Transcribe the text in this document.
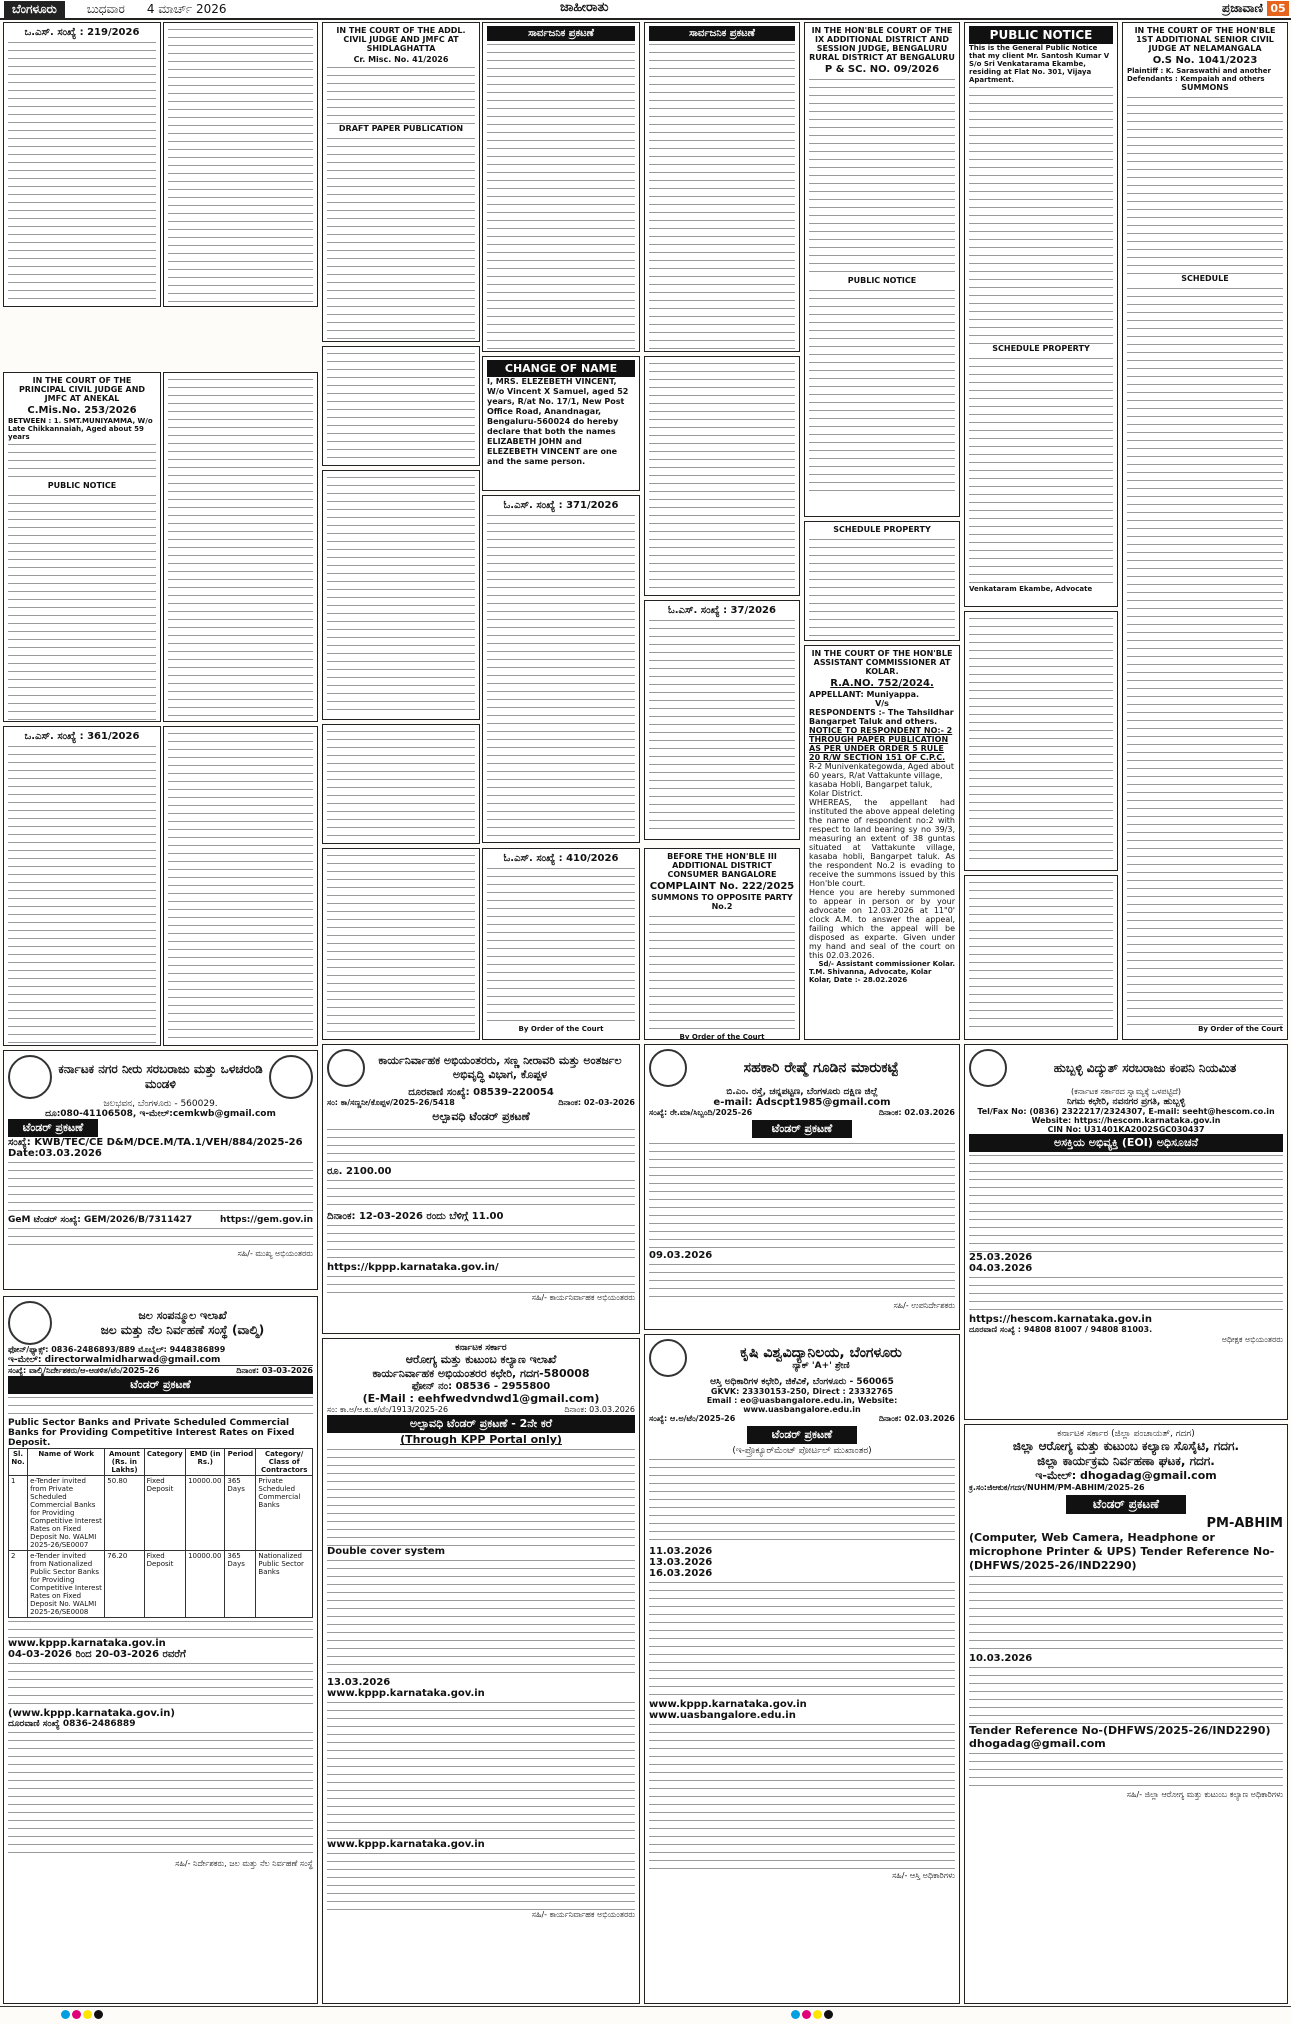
ಬೆಂಗಳೂರು	ಬುಧವಾರ 4 ಮಾರ್ಚ್ 2026	ಜಾಹೀರಾತು	ಪ್ರಜಾವಾಣಿ 05
ಒ.ಎಸ್. ಸಂಖ್ಯೆ : 219/2026
IN THE COURT OF THE PRINCIPAL CIVIL JUDGE AND JMFC AT ANEKAL
C.Mis.No. 253/2026
BETWEEN : 1. SMT.MUNIYAMMA, W/o Late Chikkannaiah, Aged about 59 years
PUBLIC NOTICE
ಒ.ಎಸ್. ಸಂಖ್ಯೆ : 361/2026
ಕರ್ನಾಟಕ ನಗರ ನೀರು ಸರಬರಾಜು ಮತ್ತು ಒಳಚರಂಡಿ ಮಂಡಳಿ
ಜಲಭವನ, ಬೆಂಗಳೂರು - 560029.
ದೂ:080-41106508, ಇ-ಮೇಲ್:cemkwb@gmail.com
ಟೆಂಡರ್ ಪ್ರಕಟಣೆ
ಸಂಖ್ಯೆ: KWB/TEC/CE D&M/DCE.M/TA.1/VEH/884/2025-26
Date:03.03.2026
GeM ಟೆಂಡರ್ ಸಂಖ್ಯೆ: GEM/2026/B/7311427	https://gem.gov.in
ಸಹಿ/- ಮುಖ್ಯ ಅಭಿಯಂತರರು
ಜಲ ಸಂಪನ್ಮೂಲ ಇಲಾಖೆ
ಜಲ ಮತ್ತು ನೆಲ ನಿರ್ವಹಣೆ ಸಂಸ್ಥೆ (ವಾಲ್ಮಿ)
ಫೋನ್/ಫ್ಯಾಕ್ಸ್: 0836-2486893/889 ಮೊಬೈಲ್: 9448386899
ಇ-ಮೇಲ್: directorwalmidharwad@gmail.com
ಸಂಖ್ಯೆ: ವಾಲ್ಮಿ/ನಿರ್ದೇಶಕರು/ಆ-ಆಡಳಿತ/ಟೆಂ/2025-26	ದಿನಾಂಕ: 03-03-2026
ಟೆಂಡರ್ ಪ್ರಕಟಣೆ
Public Sector Banks and Private Scheduled Commercial Banks for Providing Competitive Interest Rates on Fixed Deposit.
Sl. No.	Name of Work	Amount (Rs. in Lakhs)	Category	EMD (in Rs.)	Period	Category/ Class of Contractors
1	e-Tender invited from Private Scheduled Commercial Banks for Providing Competitive Interest Rates on Fixed Deposit No. WALMI 2025-26/SE0007	50.80	Fixed Deposit	10000.00	365 Days	Private Scheduled Commercial Banks
2	e-Tender invited from Nationalized Public Sector Banks for Providing Competitive Interest Rates on Fixed Deposit No. WALMI 2025-26/SE0008	76.20	Fixed Deposit	10000.00	365 Days	Nationalized Public Sector Banks
www.kppp.karnataka.gov.in
04-03-2026 ರಿಂದ 20-03-2026 ರವರೆಗೆ
(www.kppp.karnataka.gov.in)
ದೂರವಾಣಿ ಸಂಖ್ಯೆ 0836-2486889
ಸಹಿ/- ನಿರ್ದೇಶಕರು, ಜಲ ಮತ್ತು ನೆಲ ನಿರ್ವಹಣೆ ಸಂಸ್ಥೆ
IN THE COURT OF THE ADDL. CIVIL JUDGE AND JMFC AT SHIDLAGHATTA
Cr. Misc. No. 41/2026
DRAFT PAPER PUBLICATION
ಸಾರ್ವಜನಿಕ ಪ್ರಕಟಣೆ
CHANGE OF NAME
I, MRS. ELEZEBETH VINCENT, W/o Vincent X Samuel, aged 52 years, R/at No. 17/1, New Post Office Road, Anandnagar, Bengaluru-560024 do hereby declare that both the names ELIZABETH JOHN and ELEZEBETH VINCENT are one and the same person.
ಓ.ಎಸ್. ಸಂಖ್ಯೆ : 371/2026
ಓ.ಎಸ್. ಸಂಖ್ಯೆ : 410/2026
By Order of the Court
ಸಾರ್ವಜನಿಕ ಪ್ರಕಟಣೆ
ಓ.ಎಸ್. ಸಂಖ್ಯೆ : 37/2026
BEFORE THE HON'BLE III ADDITIONAL DISTRICT CONSUMER BANGALORE
COMPLAINT No. 222/2025
SUMMONS TO OPPOSITE PARTY No.2
By Order of the Court
IN THE HON'BLE COURT OF THE IX ADDITIONAL DISTRICT AND SESSION JUDGE, BENGALURU RURAL DISTRICT AT BENGALURU
P & SC. NO. 09/2026
PUBLIC NOTICE
SCHEDULE PROPERTY
IN THE COURT OF THE HON'BLE ASSISTANT COMMISSIONER AT KOLAR.
R.A.NO. 752/2024.
APPELLANT: Muniyappa.
V/s
RESPONDENTS :- The Tahsildhar Bangarpet Taluk and others.
NOTICE TO RESPONDENT NO:- 2 THROUGH PAPER PUBLICATION AS PER UNDER ORDER 5 RULE 20 R/W SECTION 151 OF C.P.C.
R-2 Munivenkategowda, Aged about 60 years, R/at Vattakunte village, kasaba Hobli, Bangarpet taluk, Kolar District.
WHEREAS, the appellant had instituted the above appeal deleting the name of respondent no:2 with respect to land bearing sy no 39/3, measuring an extent of 38 guntas situated at Vattakunte village, kasaba hobli, Bangarpet taluk. As the respondent No.2 is evading to receive the summons issued by this Hon'ble court.
Hence you are hereby summoned to appear in person or by your advocate on 12.03.2026 at 11"0' clock A.M. to answer the appeal, failing which the appeal will be disposed as exparte. Given under my hand and seal of the court on this 02.03.2026.
Sd/- Assistant commissioner Kolar.
T.M. Shivanna, Advocate, Kolar
Kolar, Date :- 28.02.2026
PUBLIC NOTICE
This is the General Public Notice that my client Mr. Santosh Kumar V S/o Sri Venkatarama Ekambe, residing at Flat No. 301, Vijaya Apartment.
SCHEDULE PROPERTY
Venkataram Ekambe, Advocate
IN THE COURT OF THE HON'BLE 1ST ADDITIONAL SENIOR CIVIL JUDGE AT NELAMANGALA
O.S No. 1041/2023
Plaintiff : K. Saraswathi and another
Defendants : Kempaiah and others
SUMMONS
SCHEDULE
By Order of the Court
ಕಾರ್ಯನಿರ್ವಾಹಕ ಅಭಿಯಂತರರು, ಸಣ್ಣ ನೀರಾವರಿ ಮತ್ತು ಅಂತರ್ಜಲ ಅಭಿವೃದ್ಧಿ ವಿಭಾಗ, ಕೊಪ್ಪಳ
ದೂರವಾಣಿ ಸಂಖ್ಯೆ: 08539-220054
ಸಂ: ಕಾ/ಸಣ್ಣನೀ/ಕೊಪ್ಪಳ/2025-26/5418	ದಿನಾಂಕ: 02-03-2026
ಅಲ್ಪಾವಧಿ ಟೆಂಡರ್ ಪ್ರಕಟಣೆ
ರೂ. 2100.00
ದಿನಾಂಕ: 12-03-2026 ರಂದು ಬೆಳಿಗ್ಗೆ 11.00
https://kppp.karnataka.gov.in/
ಸಹಿ/- ಕಾರ್ಯನಿರ್ವಾಹಕ ಅಭಿಯಂತರರು
ಕರ್ನಾಟಕ ಸರ್ಕಾರ
ಆರೋಗ್ಯ ಮತ್ತು ಕುಟುಂಬ ಕಲ್ಯಾಣ ಇಲಾಖೆ
ಕಾರ್ಯನಿರ್ವಾಹಕ ಅಭಿಯಂತರರ ಕಛೇರಿ, ಗದಗ-580008
ಫೋನ್ ನಂ: 08536 - 2955800
(E-Mail : eehfwedvndwd1@gmail.com)
ಸಂ: ಕಾ.ಅ/ಆ.ಕು.ಕ/ಟೆಂ/1913/2025-26	ದಿನಾಂಕ: 03.03.2026
ಅಲ್ಪಾವಧಿ ಟೆಂಡರ್ ಪ್ರಕಟಣೆ - 2ನೇ ಕರೆ
(Through KPP Portal only)
Double cover system
13.03.2026
www.kppp.karnataka.gov.in
www.kppp.karnataka.gov.in
ಸಹಿ/- ಕಾರ್ಯನಿರ್ವಾಹಕ ಅಭಿಯಂತರರು
ಸಹಕಾರಿ ರೇಷ್ಮೆ ಗೂಡಿನ ಮಾರುಕಟ್ಟೆ
ಬಿ.ಎಂ. ರಸ್ತೆ, ಚನ್ನಪಟ್ಟಣ, ಬೆಂಗಳೂರು ದಕ್ಷಿಣ ಜಿಲ್ಲೆ
e-mail: Adscpt1985@gmail.com
ಸಂಖ್ಯೆ: ರೇ.ಮಾ/ಸಿಬ್ಬಂದಿ/2025-26	ದಿನಾಂಕ: 02.03.2026
ಟೆಂಡರ್ ಪ್ರಕಟಣೆ
09.03.2026
ಸಹಿ/- ಉಪನಿರ್ದೇಶಕರು
ಕೃಷಿ ವಿಶ್ವವಿದ್ಯಾನಿಲಯ, ಬೆಂಗಳೂರು
ನ್ಯಾಕ್ 'A+' ಶ್ರೇಣಿ
ಆಸ್ತಿ ಅಧಿಕಾರಿಗಳ ಕಛೇರಿ, ಜಿಕೆವಿಕೆ, ಬೆಂಗಳೂರು - 560065
GKVK: 23330153-250, Direct : 23332765
Email : eo@uasbangalore.edu.in, Website: www.uasbangalore.edu.in
ಸಂಖ್ಯೆ: ಆ.ಅ/ಟೆಂ/2025-26	ದಿನಾಂಕ: 02.03.2026
ಟೆಂಡರ್ ಪ್ರಕಟಣೆ
(ಇ-ಪ್ರೊಕ್ಯೂರ್‌ಮೆಂಟ್ ಪೋರ್ಟಲ್ ಮುಖಾಂತರ)
11.03.2026
13.03.2026
16.03.2026
www.kppp.karnataka.gov.in
www.uasbangalore.edu.in
ಸಹಿ/- ಆಸ್ತಿ ಅಧಿಕಾರಿಗಳು
ಹುಬ್ಬಳ್ಳಿ ವಿದ್ಯುತ್ ಸರಬರಾಜು ಕಂಪನಿ ನಿಯಮಿತ
(ಕರ್ನಾಟಕ ಸರ್ಕಾರದ ಸ್ವಾಮ್ಯಕ್ಕೆ ಒಳಪಟ್ಟಿದೆ)
ನಿಗಮ ಕಛೇರಿ, ನವನಗರ ಪ್ರಗತಿ, ಹುಬ್ಬಳ್ಳಿ
Tel/Fax No: (0836) 2322217/2324307, E-mail: seeht@hescom.co.in
Website: https://hescom.karnataka.gov.in
CIN No: U31401KA2002SGC030437
ಅಸಕ್ತಿಯ ಅಭಿವ್ಯಕ್ತಿ (EOI) ಅಧಿಸೂಚನೆ
25.03.2026
04.03.2026
https://hescom.karnataka.gov.in
ದೂರವಾಣಿ ಸಂಖ್ಯೆ : 94808 81007 / 94808 81003.
ಅಧೀಕ್ಷಕ ಅಭಿಯಂತರರು
ಕರ್ನಾಟಕ ಸರ್ಕಾರ (ಜಿಲ್ಲಾ ಪಂಚಾಯತ್, ಗದಗ)
ಜಿಲ್ಲಾ ಆರೋಗ್ಯ ಮತ್ತು ಕುಟುಂಬ ಕಲ್ಯಾಣ ಸೊಸೈಟಿ, ಗದಗ.
ಜಿಲ್ಲಾ ಕಾರ್ಯಕ್ರಮ ನಿರ್ವಹಣಾ ಘಟಕ, ಗದಗ.
ಇ-ಮೇಲ್: dhogadag@gmail.com
ಕ್ರ.ಸಂ:ಜಿಆಕುಕ/ಗದಗ/NUHM/PM-ABHIM/2025-26
ಟೆಂಡರ್ ಪ್ರಕಟಣೆ
PM-ABHIM
(Computer, Web Camera, Headphone or microphone Printer & UPS) Tender Reference No-(DHFWS/2025-26/IND2290)
10.03.2026
Tender Reference No-(DHFWS/2025-26/IND2290)
dhogadag@gmail.com
ಸಹಿ/- ಜಿಲ್ಲಾ ಆರೋಗ್ಯ ಮತ್ತು ಕುಟುಂಬ ಕಲ್ಯಾಣ ಅಧಿಕಾರಿಗಳು
